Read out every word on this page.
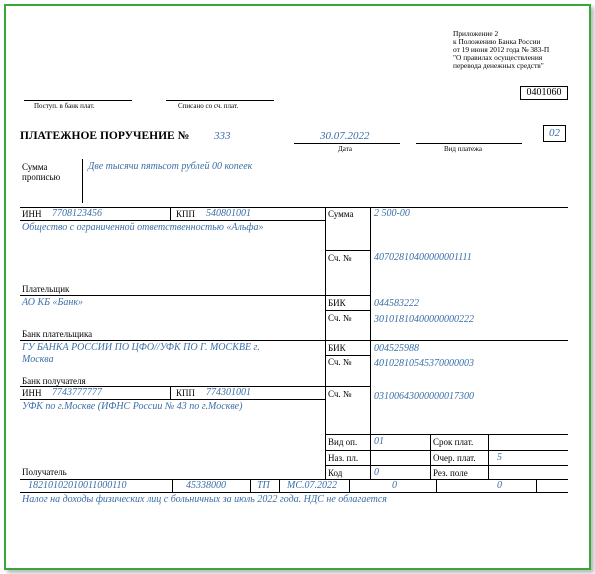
Приложение 2
к Положению Банка России
от 19 июня 2012 года № 383-П
"О правилах осуществления
перевода денежных средств"
0401060
Поступ. в банк плат.	Списано со сч. плат.
ПЛАТЕЖНОЕ ПОРУЧЕНИЕ № 333	30.07.2022
Дата	Вид платежа
02
Сумма
прописью
Две тысячи пятьсот рублей 00 копеек
ИНН 7708123456	КПП 540801001	Сумма 2 500-00
Общество с ограниченной ответственностью «Альфа»
Сч. № 40702810400000001111
Плательщик
АО КБ «Банк»	БИК	044583222
Сч. № 30101810400000000222
Банк плательщика
ГУ БАНКА РОССИИ ПО ЦФО//УФК ПО Г. МОСКВЕ г.
Москва
БИК	004525988
Сч. № 40102810545370000003
Банк получателя
ИНН 7743777777	КПП 774301001	Сч. № 03100643000000017300
УФК по г.Москве (ИФНС России № 43 по г.Москве)
Получатель
Вид оп. 01	Срок плат.
Наз. пл.	Очер. плат. 5
Код	0	Рез. поле
18210102010011000110	45338000	ТП МС.07.2022	0	0
Налог на доходы физических лиц с больничных за июль 2022 года. НДС не облагается
